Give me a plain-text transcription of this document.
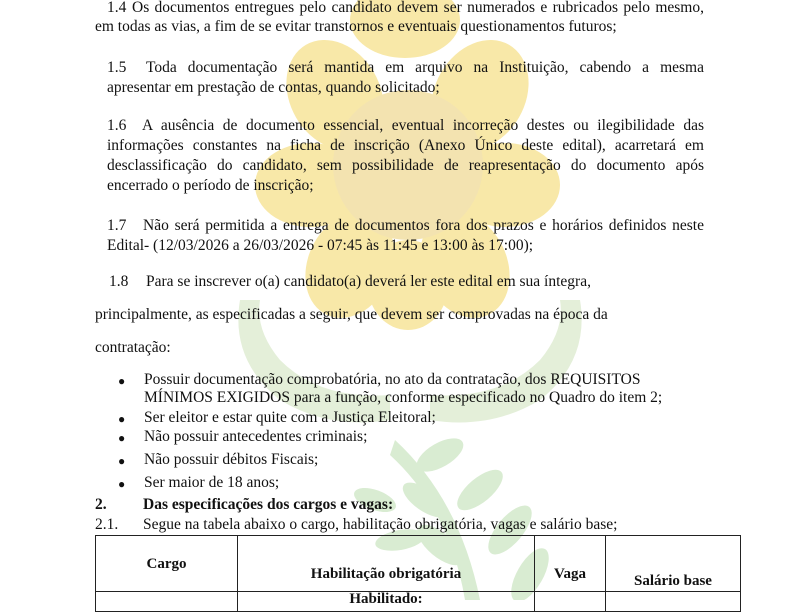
1.4 Os documentos entregues pelo candidato devem ser numerados e rubricados pelo mesmo,
em todas as vias, a fim de se evitar transtornos e eventuais questionamentos futuros;
1.5 Toda documentação será mantida em arquivo na Instituição, cabendo a mesma
apresentar em prestação de contas, quando solicitado;
1.6 A ausência de documento essencial, eventual incorreção destes ou ilegibilidade das
informações constantes na ficha de inscrição (Anexo Único deste edital), acarretará em
desclassificação do candidato, sem possibilidade de reapresentação do documento após
encerrado o período de inscrição;
1.7 Não será permitida a entrega de documentos fora dos prazos e horários definidos neste
Edital- (12/03/2026 a 26/03/2026 - 07:45 às 11:45 e 13:00 às 17:00);
1.8 Para se inscrever o(a) candidato(a) deverá ler este edital em sua íntegra,
principalmente, as especificadas a seguir, que devem ser comprovadas na época da
contratação:
● Possuir documentação comprobatória, no ato da contratação, dos REQUISITOS
MÍNIMOS EXIGIDOS para a função, conforme especificado no Quadro do item 2;
● Ser eleitor e estar quite com a Justiça Eleitoral;
● Não possuir antecedentes criminais;
● Não possuir débitos Fiscais;
● Ser maior de 18 anos;
2. Das especificações dos cargos e vagas:
2.1. Segue na tabela abaixo o cargo, habilitação obrigatória, vagas e salário base;
Cargo	Habilitação obrigatória	Vaga	Salário base
	Habilitado:		
